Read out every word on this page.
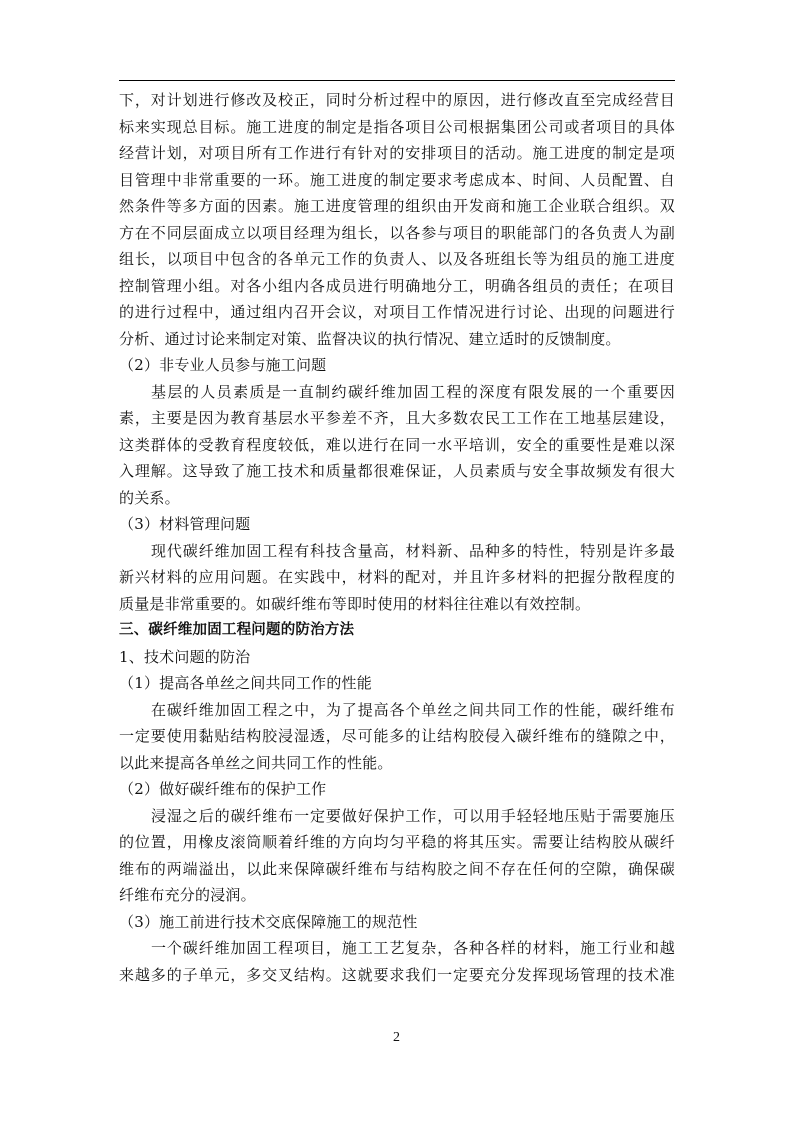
下，对计划进行修改及校正，同时分析过程中的原因，进行修改直至完成经营目
标来实现总目标。施工进度的制定是指各项目公司根据集团公司或者项目的具体
经营计划，对项目所有工作进行有针对的安排项目的活动。施工进度的制定是项
目管理中非常重要的一环。施工进度的制定要求考虑成本、时间、人员配置、自
然条件等多方面的因素。施工进度管理的组织由开发商和施工企业联合组织。双
方在不同层面成立以项目经理为组长，以各参与项目的职能部门的各负责人为副
组长，以项目中包含的各单元工作的负责人、以及各班组长等为组员的施工进度
控制管理小组。对各小组内各成员进行明确地分工，明确各组员的责任；在项目
的进行过程中，通过组内召开会议，对项目工作情况进行讨论、出现的问题进行
分析、通过讨论来制定对策、监督决议的执行情况、建立适时的反馈制度。
（2）非专业人员参与施工问题
基层的人员素质是一直制约碳纤维加固工程的深度有限发展的一个重要因
素，主要是因为教育基层水平参差不齐，且大多数农民工工作在工地基层建设，
这类群体的受教育程度较低，难以进行在同一水平培训，安全的重要性是难以深
入理解。这导致了施工技术和质量都很难保证，人员素质与安全事故频发有很大
的关系。
（3）材料管理问题
现代碳纤维加固工程有科技含量高，材料新、品种多的特性，特别是许多最
新兴材料的应用问题。在实践中，材料的配对，并且许多材料的把握分散程度的
质量是非常重要的。如碳纤维布等即时使用的材料往往难以有效控制。
三、碳纤维加固工程问题的防治方法
1、技术问题的防治
（1）提高各单丝之间共同工作的性能
在碳纤维加固工程之中，为了提高各个单丝之间共同工作的性能，碳纤维布
一定要使用黏贴结构胶浸湿透，尽可能多的让结构胶侵入碳纤维布的缝隙之中，
以此来提高各单丝之间共同工作的性能。
（2）做好碳纤维布的保护工作
浸湿之后的碳纤维布一定要做好保护工作，可以用手轻轻地压贴于需要施压
的位置，用橡皮滚筒顺着纤维的方向均匀平稳的将其压实。需要让结构胶从碳纤
维布的两端溢出，以此来保障碳纤维布与结构胶之间不存在任何的空隙，确保碳
纤维布充分的浸润。
（3）施工前进行技术交底保障施工的规范性
一个碳纤维加固工程项目，施工工艺复杂，各种各样的材料，施工行业和越
来越多的子单元，多交叉结构。这就要求我们一定要充分发挥现场管理的技术准
2
